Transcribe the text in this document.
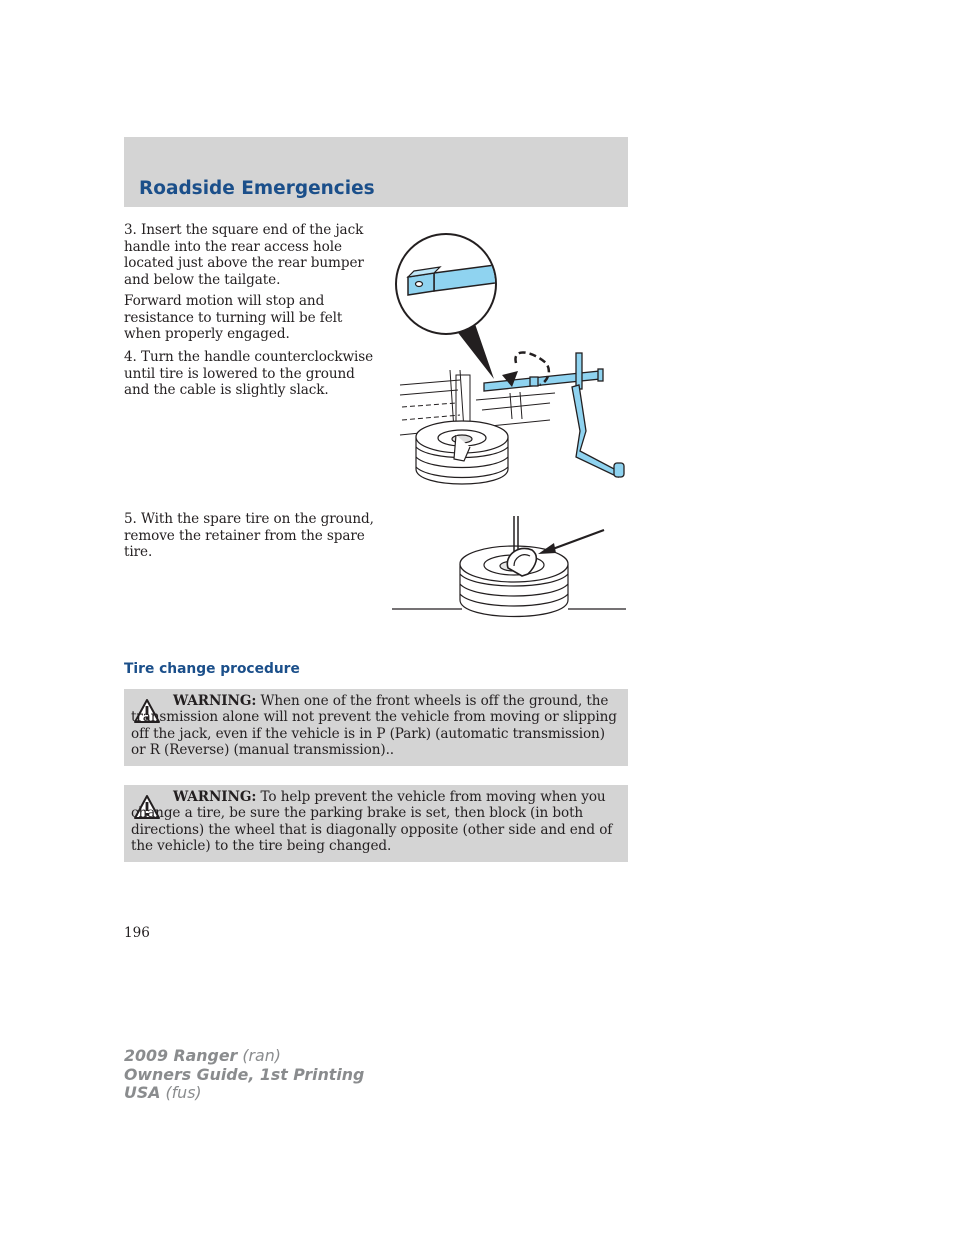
Roadside Emergencies

3. Insert the square end of the jack handle into the rear access hole located just above the rear bumper and below the tailgate.

Forward motion will stop and resistance to turning will be felt when properly engaged.

4. Turn the handle counterclockwise until tire is lowered to the ground and the cable is slightly slack.

5. With the spare tire on the ground, remove the retainer from the spare tire.

Tire change procedure

WARNING: When one of the front wheels is off the ground, the transmission alone will not prevent the vehicle from moving or slipping off the jack, even if the vehicle is in P (Park) (automatic transmission) or R (Reverse) (manual transmission)..

WARNING: To help prevent the vehicle from moving when you change a tire, be sure the parking brake is set, then block (in both directions) the wheel that is diagonally opposite (other side and end of the vehicle) to the tire being changed.

196
2009 Ranger (ran)
Owners Guide, 1st Printing
USA (fus)
